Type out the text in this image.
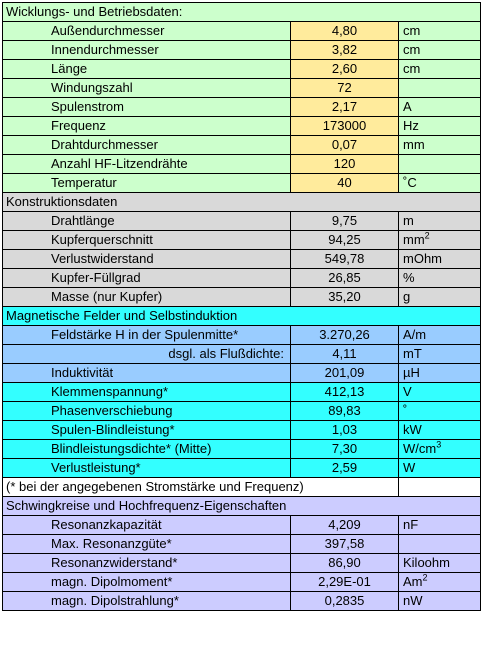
Wicklungs- und Betriebsdaten:		
Außendurchmesser	4,80	cm
Innendurchmesser	3,82	cm
Länge	2,60	cm
Windungszahl	72	
Spulenstrom	2,17	A
Frequenz	173000	Hz
Drahtdurchmesser	0,07	mm
Anzahl HF-Litzendrähte	120	
Temperatur	40	˚C
Konstruktionsdaten		
Drahtlänge	9,75	m
Kupferquerschnitt	94,25	$mm^2$
Verlustwiderstand	549,78	mOhm
Kupfer-Füllgrad	26,85	%
Masse (nur Kupfer)	35,20	g
Magnetische Felder und Selbstinduktion		
Feldstärke H in der Spulenmitte*	3.270,26	A/m
dsgl. als Flußdichte:	4,11	mT
Induktivität	201,09	µH
Klemmenspannung*	412,13	V
Phasenverschiebung	89,83	˚
Spulen-Blindleistung*	1,03	kW
Blindleistungsdichte* (Mitte)	7,30	$W/cm^3$
Verlustleistung*	2,59	W
(* bei der angegebenen Stromstärke und Frequenz)		
Schwingkreise und Hochfrequenz-Eigenschaften		
Resonanzkapazität	4,209	nF
Max. Resonanzgüte*	397,58	
Resonanzwiderstand*	86,90	Kiloohm
magn. Dipolmoment*	2,29E-01	Am$^2$
magn. Dipolstrahlung*	0,2835	nW
